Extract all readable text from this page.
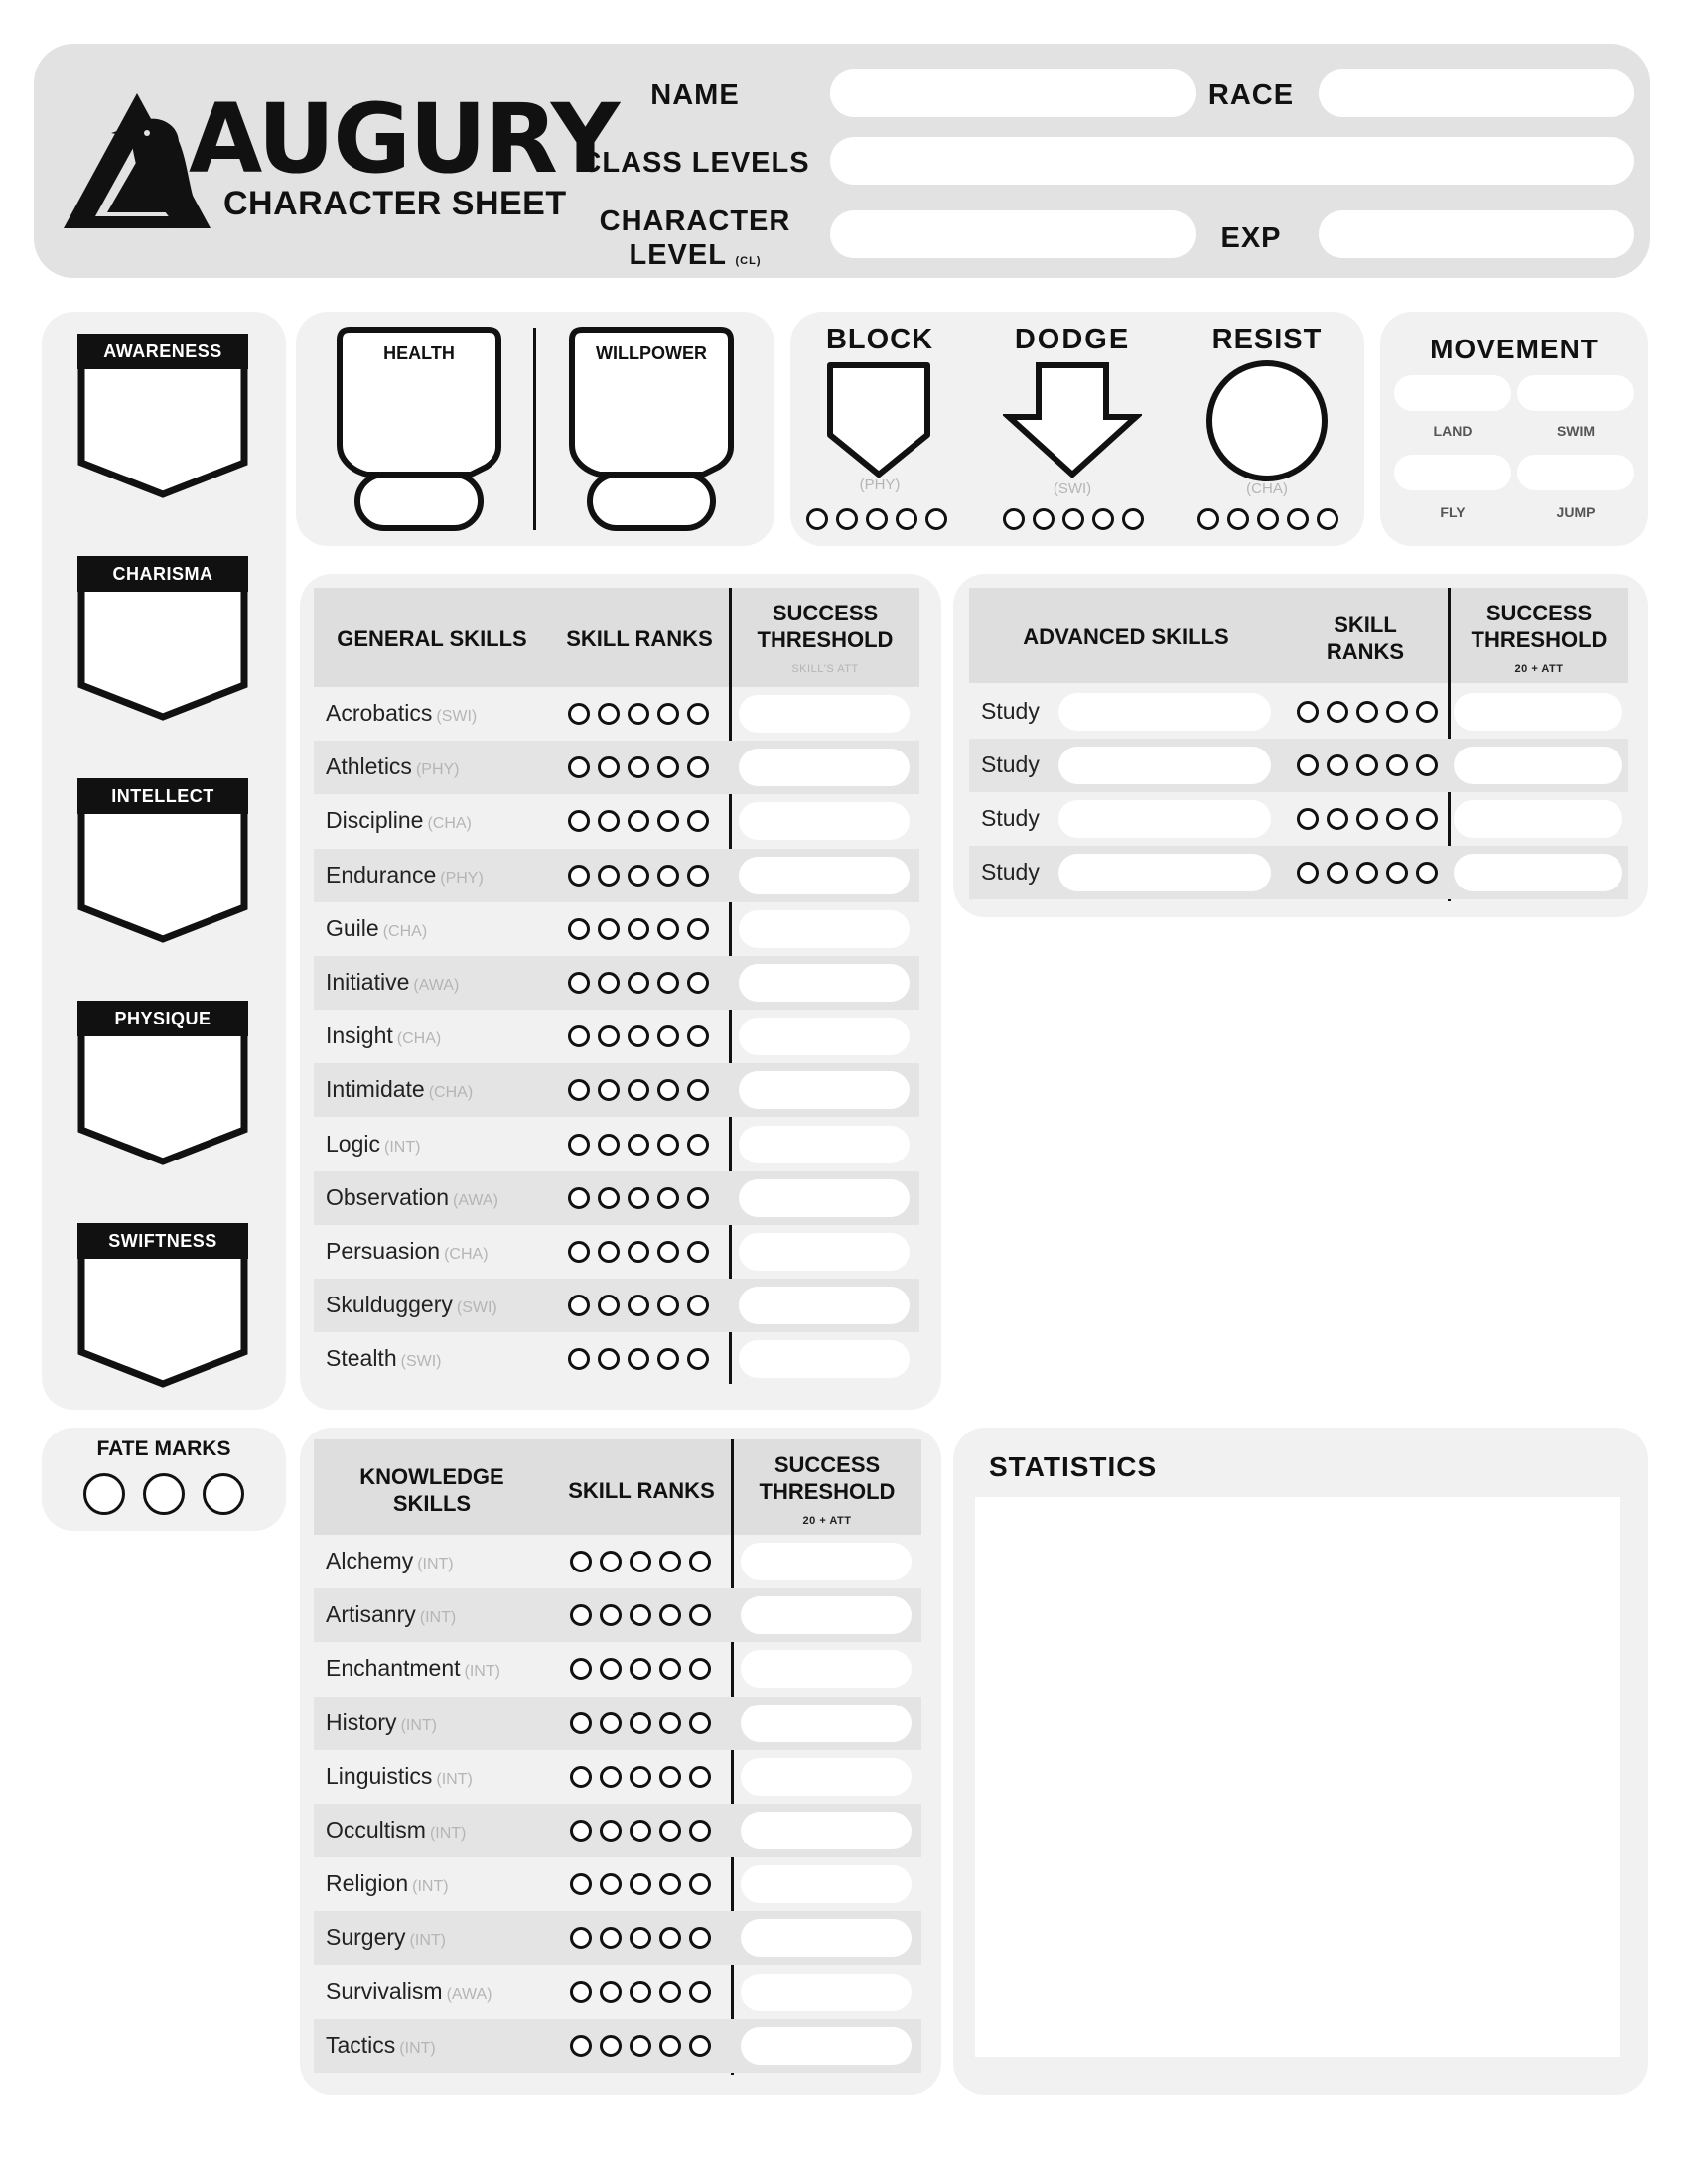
AUGURY
CHARACTER SHEET
NAME	RACE
CLASS LEVELS
CHARACTER
LEVEL (CL)
EXP
AWARENESS
CHARISMA
INTELLECT
PHYSIQUE
SWIFTNESS
FATE MARKS
HEALTH	WILLPOWER	BLOCK
(PHY)
DODGE
(SWI)
RESIST
(CHA)
MOVEMENT
LAND	SWIM
FLY	JUMP
GENERAL SKILLS	SKILL RANKS
SUCCESS
THRESHOLD
SKILL'S ATT
Acrobatics (SWI)
Athletics (PHY)
Discipline (CHA)
Endurance (PHY)
Guile (CHA)
Initiative (AWA)
Insight (CHA)
Intimidate (CHA)
Logic (INT)
Observation (AWA)
Persuasion (CHA)
Skulduggery (SWI)
Stealth (SWI)
ADVANCED SKILLS	SKILL
RANKS
SUCCESS
THRESHOLD
20 + ATT
Study
Study
Study
Study
KNOWLEDGE
SKILLS
SKILL RANKS
SUCCESS
THRESHOLD
20 + ATT
Alchemy (INT)
Artisanry (INT)
Enchantment (INT)
History (INT)
Linguistics (INT)
Occultism (INT)
Religion (INT)
Surgery (INT)
Survivalism (AWA)
Tactics (INT)
STATISTICS
